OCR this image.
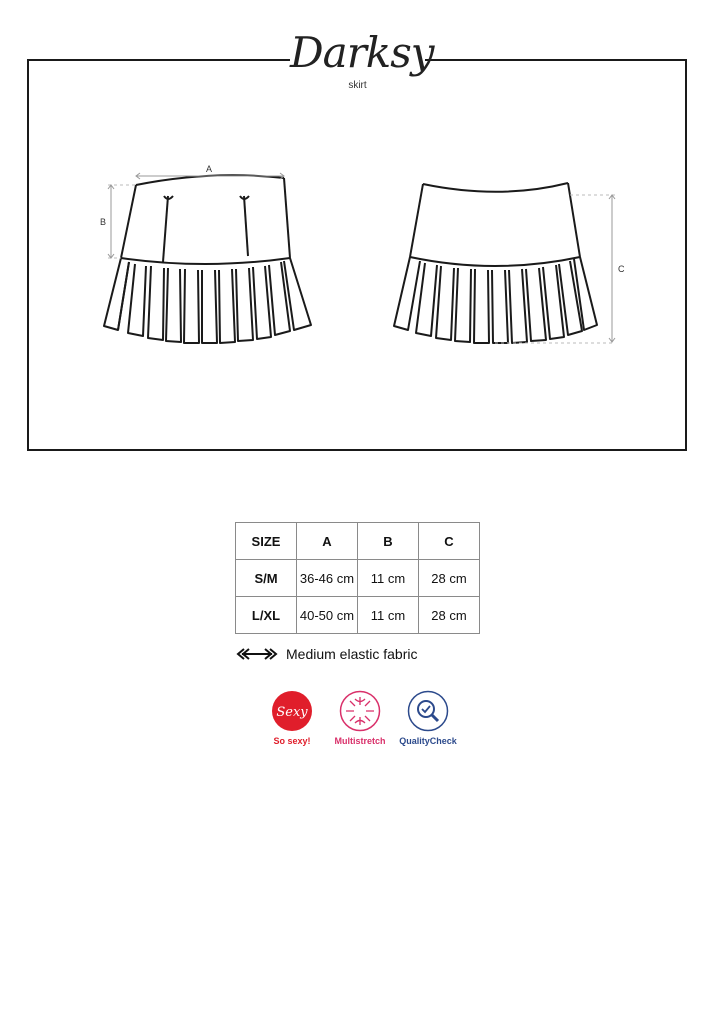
A
B
C
Darksy
skirt
SIZE	A	B	C
S/M	36-46 cm	11 cm	28 cm
L/XL	40-50 cm	11 cm	28 cm
Medium elastic fabric
Sexy
So sexy!	Multistretch QualityCheck
